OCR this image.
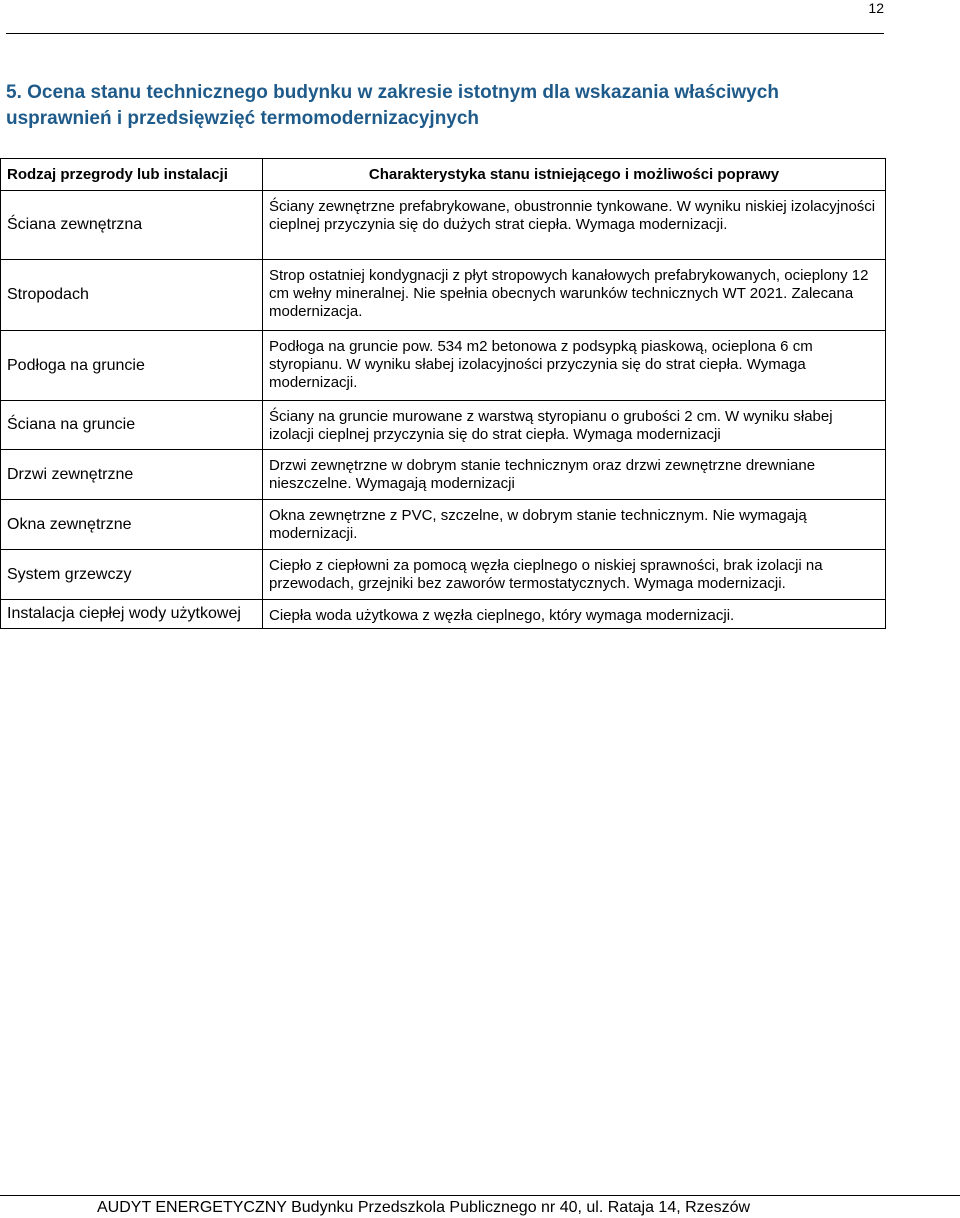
12
5. Ocena stanu technicznego budynku w zakresie istotnym dla wskazania właściwych usprawnień i przedsięwzięć termomodernizacyjnych
Rodzaj przegrody lub instalacji	Charakterystyka stanu istniejącego i możliwości poprawy
Ściana zewnętrzna	Ściany zewnętrzne prefabrykowane, obustronnie tynkowane. W wyniku niskiej izolacyjności cieplnej przyczynia się do dużych strat ciepła. Wymaga modernizacji.
Stropodach	Strop ostatniej kondygnacji z płyt stropowych kanałowych prefabrykowanych, ocieplony 12 cm wełny mineralnej. Nie spełnia obecnych warunków technicznych WT 2021. Zalecana modernizacja.
Podłoga na gruncie	Podłoga na gruncie pow. 534 m2 betonowa z podsypką piaskową, ocieplona 6 cm styropianu. W wyniku słabej izolacyjności przyczynia się do strat ciepła. Wymaga modernizacji.
Ściana na gruncie	Ściany na gruncie murowane z warstwą styropianu o grubości 2 cm. W wyniku słabej izolacji cieplnej przyczynia się do strat ciepła. Wymaga modernizacji
Drzwi zewnętrzne	Drzwi zewnętrzne w dobrym stanie technicznym oraz drzwi zewnętrzne drewniane nieszczelne. Wymagają modernizacji
Okna zewnętrzne	Okna zewnętrzne z PVC, szczelne, w dobrym stanie technicznym. Nie wymagają modernizacji.
System grzewczy	Ciepło z ciepłowni za pomocą węzła cieplnego o niskiej sprawności, brak izolacji na przewodach, grzejniki bez zaworów termostatycznych. Wymaga modernizacji.
Instalacja ciepłej wody użytkowej	Ciepła woda użytkowa z węzła cieplnego, który wymaga modernizacji.
AUDYT ENERGETYCZNY Budynku Przedszkola Publicznego nr 40, ul. Rataja 14, Rzeszów
